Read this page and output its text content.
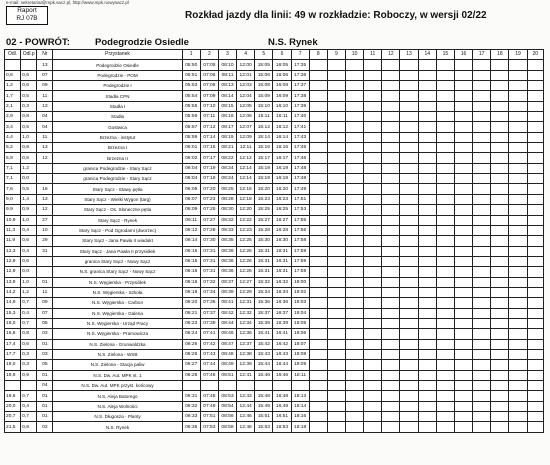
e-mail: sekretariat@mpk.sacz.pl, http://www.mpk.nowysacz.pl
Raport
RJ 07B	Rozkład jazdy dla linii: 49 w rozkładzie: Roboczy, w wersji 02/22
02 - POWRÓT:	Podegrodzie Osiedle	N.S. Rynek
Odl.	Odl.p	Nr	Przystanek	1	2	3	4	5	6	7	8	9	10	11	12	13	14	15	16	17	18	19	20
		13	Podegrodzie Osiedle	05:50	07:05	08:10	12:00	15:05	16:05	17:35													
0,6	0,6	07	Podegrodzie - POM	05:51	07:06	08:11	12:01	15:06	16:06	17:36													
1,2	0,6	09	Podegrodzie I	05:53	07:08	08:13	12:03	15:08	16:08	17:37													
1,7	0,5	11	Stadła CPN	05:54	07:09	08:14	12:04	15:09	16:09	17:38													
2,1	0,3	13	Stadła I	05:55	07:10	08:15	12:05	15:10	16:10	17:39													
2,9	0,8	04	Stadła	05:56	07:11	08:16	12:06	15:11	16:11	17:40													
3,4	0,5	04	Gostwica	05:57	07:12	08:17	12:07	15:12	16:12	17:41													
4,4	1,0	11	Brzezna - instytut	05:59	07:14	08:19	12:09	15:14	16:14	17:43													
5,2	0,8	13	Brzezna I	06:01	07:16	08:21	12:11	15:16	16:16	17:45													
5,9	0,5	12	Brzezna II	06:02	07:17	08:22	12:12	15:17	16:17	17:46													
7,1	1,2		granica Podegrodzie - Stary Sącz	06:04	07:19	08:24	12:14	15:19	16:19	17:48													
7,1	0,0		granica Podegrodzie - Stary Sącz	06:04	07:19	08:24	12:14	15:19	16:19	17:48													
7,6	0,5	16	Stary Sącz - Stawy pętla	06:05	07:20	08:25	12:15	15:20	16:20	17:49													
9,0	1,4	13	Stary Sącz - Wielki Wygon (targ)	06:07	07:23	08:28	12:18	15:23	16:23	17:51													
9,9	0,9	12	Stary Sącz - Os. Słoneczne pętla	06:09	07:25	08:30	12:20	15:25	16:25	17:53													
10,9	1,0	27	Stary Sącz - Rynek	06:11	07:27	08:32	12:22	15:27	16:27	17:55													
11,3	0,4	10	Stary Sącz - Pod Ogrodami (dworzec)	06:12	07:28	08:33	12:23	15:28	16:28	17:56													
11,9	0,6	29	Stary Sącz - Jana Pawła II wiadukt	06:14	07:30	08:35	12:25	15:30	16:30	17:58													
12,3	0,4	31	Stary Sącz - Jana Pawła II przysiółek	06:15	07:31	08:36	12:26	15:31	16:31	17:59													
12,9	0,6		granica Stary Sącz - Nowy Sącz	06:15	07:31	08:36	12:26	15:31	16:31	17:59													
12,9	0,0		N.S. granica Stary Sącz - Nowy Sącz	06:15	07:31	08:36	12:26	15:31	16:31	17:59													
13,9	1,0	01	N.S. Węgierska - Przysiółek	06:16	07:32	08:37	12:27	15:32	16:32	18:00													
14,2	1,2	11	N.S. Węgierska - Szkoła	06:18	07:34	08:39	12:29	15:34	16:34	18:02													
14,9	0,7	09	N.S. Węgierska - Carbon	06:20	07:36	08:41	12:31	15:36	16:36	18:03													
15,3	0,4	07	N.S. Węgierska - Galeria	06:21	07:37	08:42	12:32	15:37	16:37	18:04													
16,0	0,7	05	N.S. Węgierska - Urząd Pracy	06:23	07:39	08:44	12:34	15:39	16:39	18:05													
16,8	0,8	03	N.S. Węgierska - Pramowicza	06:24	07:41	08:46	12:36	15:41	16:41	18:06													
17,4	0,6	01	N.S. Zielona - Grunwaldzka	06:26	07:42	08:47	12:37	15:42	16:42	18:07													
17,7	0,3	03	N.S. Zielona - WSB	06:26	07:43	08:48	12:38	15:43	16:43	18:08													
18,0	0,3	05	N.S. Zielona - Stacja paliw	06:27	07:44	08:49	12:39	15:44	16:44	18:09													
18,9	0,9	01	N.S. Dw. Aut. MPK st. 1	06:28	07:46	08:51	12:41	15:46	16:46	18:11													
		04	N.S. Dw. Aut. MPK przyst. końcowy																				
19,6	0,7	01	N.S. Aleja Batorego	06:31	07:48	08:53	12:43	15:48	16:48	18:13													
20,0	0,4	01	N.S. Aleja Wolności	06:32	07:49	08:54	12:44	15:49	16:49	18:14													
20,7	0,7	01	N.S. Długosza - Planty	06:33	07:51	08:56	12:46	15:51	16:51	18:16													
21,5	0,8	02	N.S. Rynek	06:35	07:53	08:58	12:48	15:53	16:53	18:18													
